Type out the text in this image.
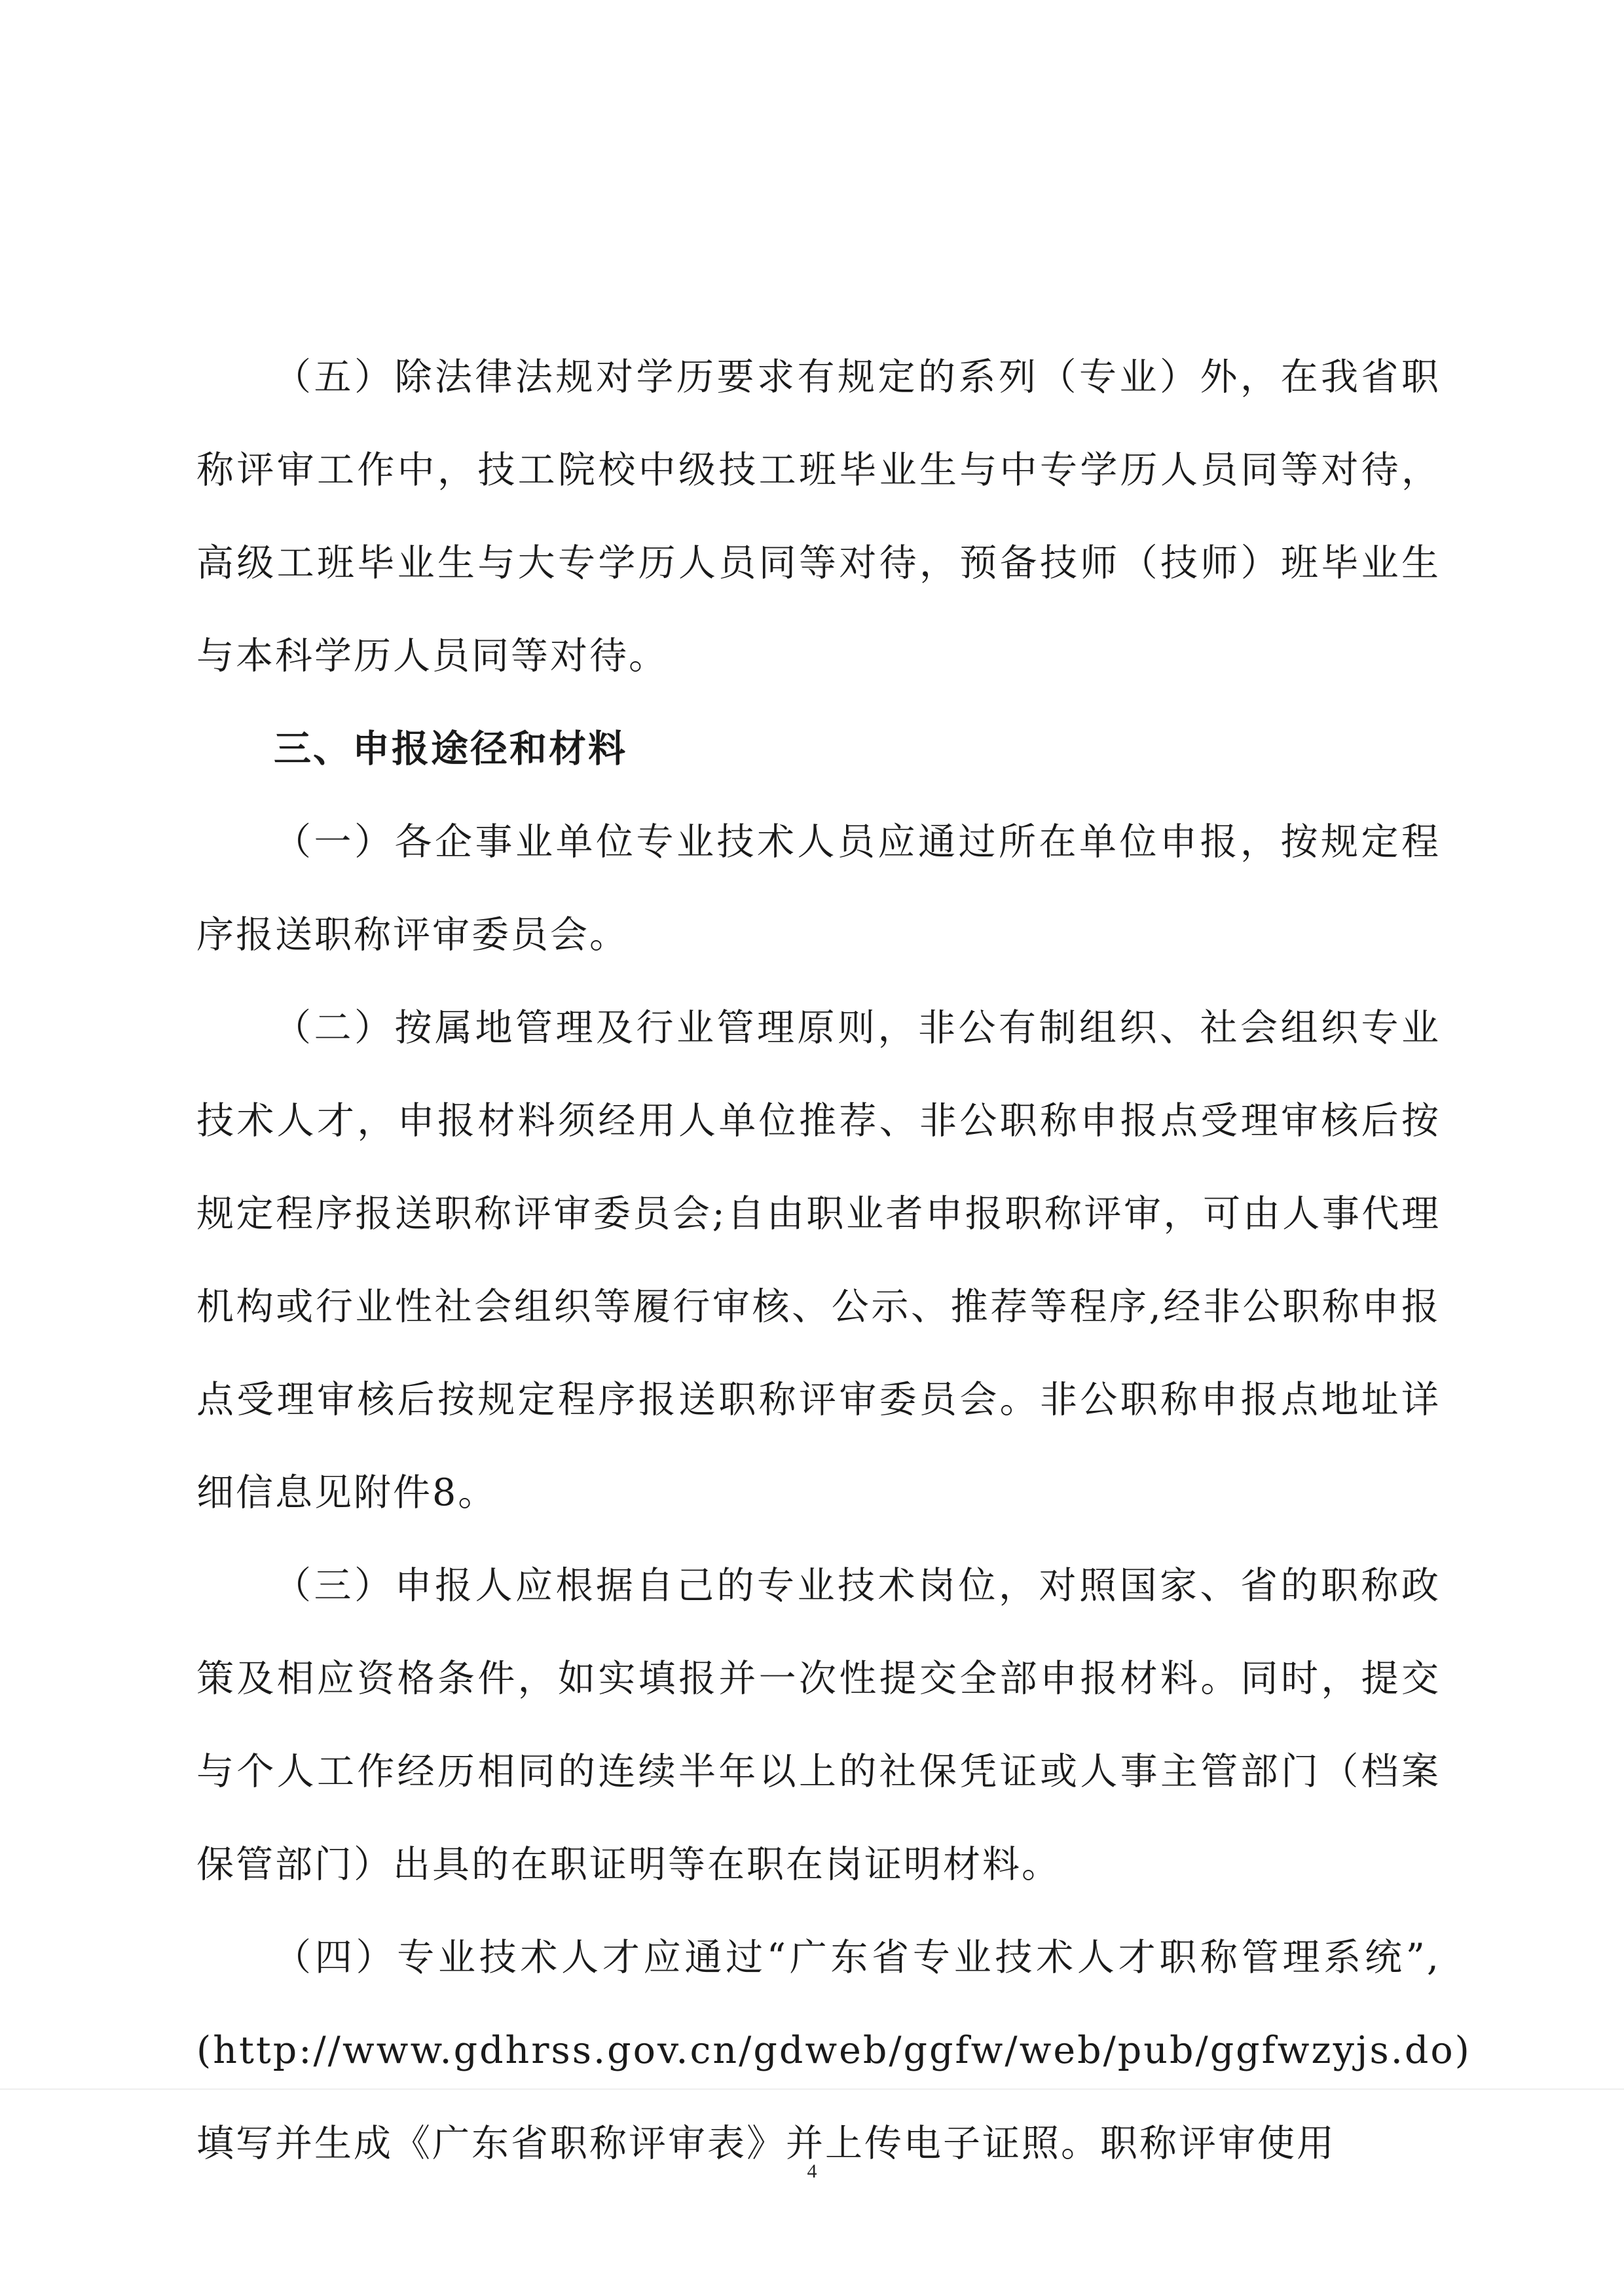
（五）除法律法规对学历要求有规定的系列（专业）外，在我省职称评审工作中，技工院校中级技工班毕业生与中专学历人员同等对待，高级工班毕业生与大专学历人员同等对待，预备技师（技师）班毕业生与本科学历人员同等对待。

三、申报途径和材料

（一）各企事业单位专业技术人员应通过所在单位申报，按规定程序报送职称评审委员会。

（二）按属地管理及行业管理原则，非公有制组织、社会组织专业技术人才，申报材料须经用人单位推荐、非公职称申报点受理审核后按规定程序报送职称评审委员会;自由职业者申报职称评审，可由人事代理机构或行业性社会组织等履行审核、公示、推荐等程序,经非公职称申报点受理审核后按规定程序报送职称评审委员会。非公职称申报点地址详细信息见附件8。

（三）申报人应根据自己的专业技术岗位，对照国家、省的职称政策及相应资格条件，如实填报并一次性提交全部申报材料。同时，提交与个人工作经历相同的连续半年以上的社保凭证或人事主管部门（档案保管部门）出具的在职证明等在职在岗证明材料。

（四）专业技术人才应通过“广东省专业技术人才职称管理系统”,(http://www.gdhrss.gov.cn/gdweb/ggfw/web/pub/ggfwzyjs.do)填写并生成《广东省职称评审表》并上传电子证照。职称评审使用

4
